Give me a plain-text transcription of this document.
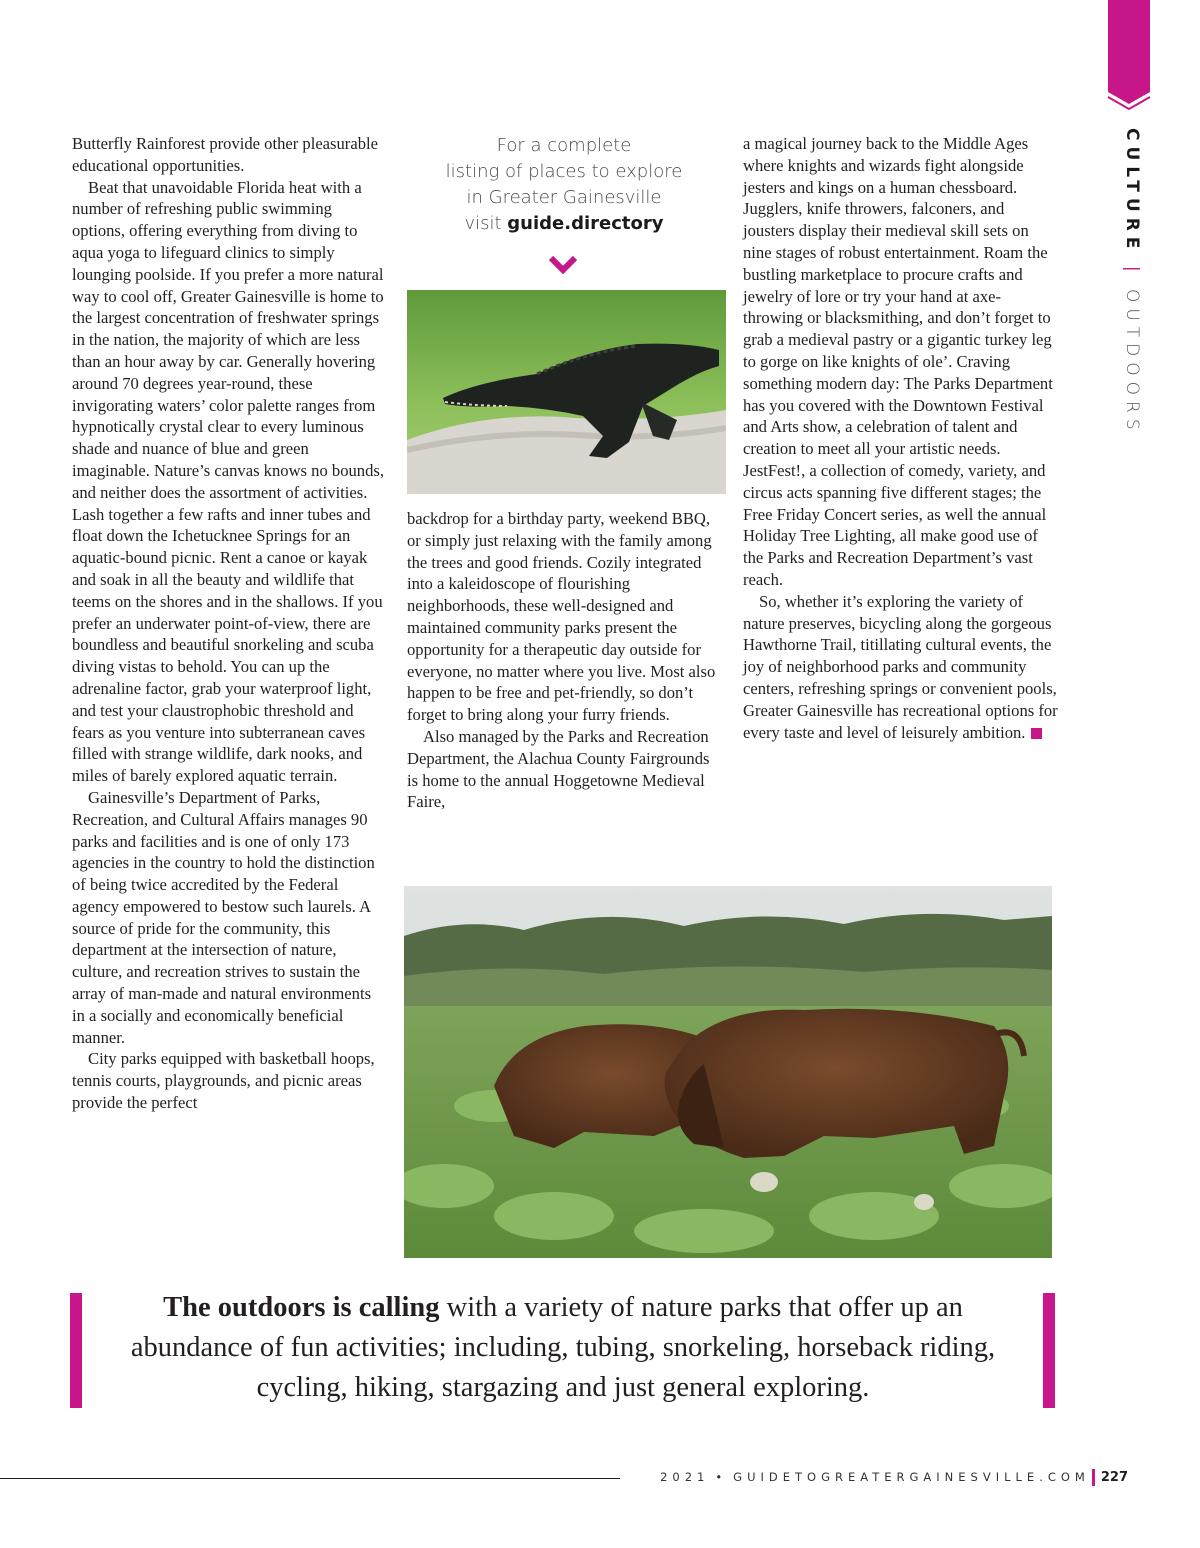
CULTURE | OUTDOORS

Butterfly Rainforest provide other pleasurable educational opportunities.

Beat that unavoidable Florida heat with a number of refreshing public swimming options, offering everything from diving to aqua yoga to lifeguard clinics to simply lounging poolside. If you prefer a more natural way to cool off, Greater Gainesville is home to the largest concentration of freshwater springs in the nation, the majority of which are less than an hour away by car. Generally hovering around 70 degrees year-round, these invigorating waters’ color palette ranges from hypnotically crystal clear to every luminous shade and nuance of blue and green imaginable. Nature’s canvas knows no bounds, and neither does the assortment of activities. Lash together a few rafts and inner tubes and float down the Ichetucknee Springs for an aquatic-bound picnic. Rent a canoe or kayak and soak in all the beauty and wildlife that teems on the shores and in the shallows. If you prefer an underwater point-of-view, there are boundless and beautiful snorkeling and scuba diving vistas to behold. You can up the adrenaline factor, grab your waterproof light, and test your claustrophobic threshold and fears as you venture into subterranean caves filled with strange wildlife, dark nooks, and miles of barely explored aquatic terrain.

Gainesville’s Department of Parks, Recreation, and Cultural Affairs manages 90 parks and facilities and is one of only 173 agencies in the country to hold the distinction of being twice accredited by the Federal agency empowered to bestow such laurels. A source of pride for the community, this department at the intersection of nature, culture, and recreation strives to sustain the array of man-made and natural environments in a socially and economically beneficial manner.

City parks equipped with basketball hoops, tennis courts, playgrounds, and picnic areas provide the perfect

For a complete
listing of places to explore
in Greater Gainesville
visit guide.directory

backdrop for a birthday party, weekend BBQ, or simply just relaxing with the family among the trees and good friends. Cozily integrated into a kaleidoscope of flourishing neighborhoods, these well-designed and maintained community parks present the opportunity for a therapeutic day outside for everyone, no matter where you live. Most also happen to be free and pet-friendly, so don’t forget to bring along your furry friends.

Also managed by the Parks and Recreation Department, the Alachua County Fairgrounds is home to the annual Hoggetowne Medieval Faire,

a magical journey back to the Middle Ages where knights and wizards fight alongside jesters and kings on a human chessboard. Jugglers, knife throwers, falconers, and jousters display their medieval skill sets on nine stages of robust entertainment. Roam the bustling marketplace to procure crafts and jewelry of lore or try your hand at axe-throwing or blacksmithing, and don’t forget to grab a medieval pastry or a gigantic turkey leg to gorge on like knights of ole’. Craving something modern day: The Parks Department has you covered with the Downtown Festival and Arts show, a celebration of talent and creation to meet all your artistic needs. JestFest!, a collection of comedy, variety, and circus acts spanning five different stages; the Free Friday Concert series, as well the annual Holiday Tree Lighting, all make good use of the Parks and Recreation Department’s vast reach.

So, whether it’s exploring the variety of nature preserves, bicycling along the gorgeous Hawthorne Trail, titillating cultural events, the joy of neighborhood parks and community centers, refreshing springs or convenient pools, Greater Gainesville has recreational options for every taste and level of leisurely ambition.

The outdoors is calling with a variety of nature parks that offer up an abundance of fun activities; including, tubing, snorkeling, horseback riding, cycling, hiking, stargazing and just general exploring.
2021 • GUIDETOGREATERGAINESVILLE.COM 227
